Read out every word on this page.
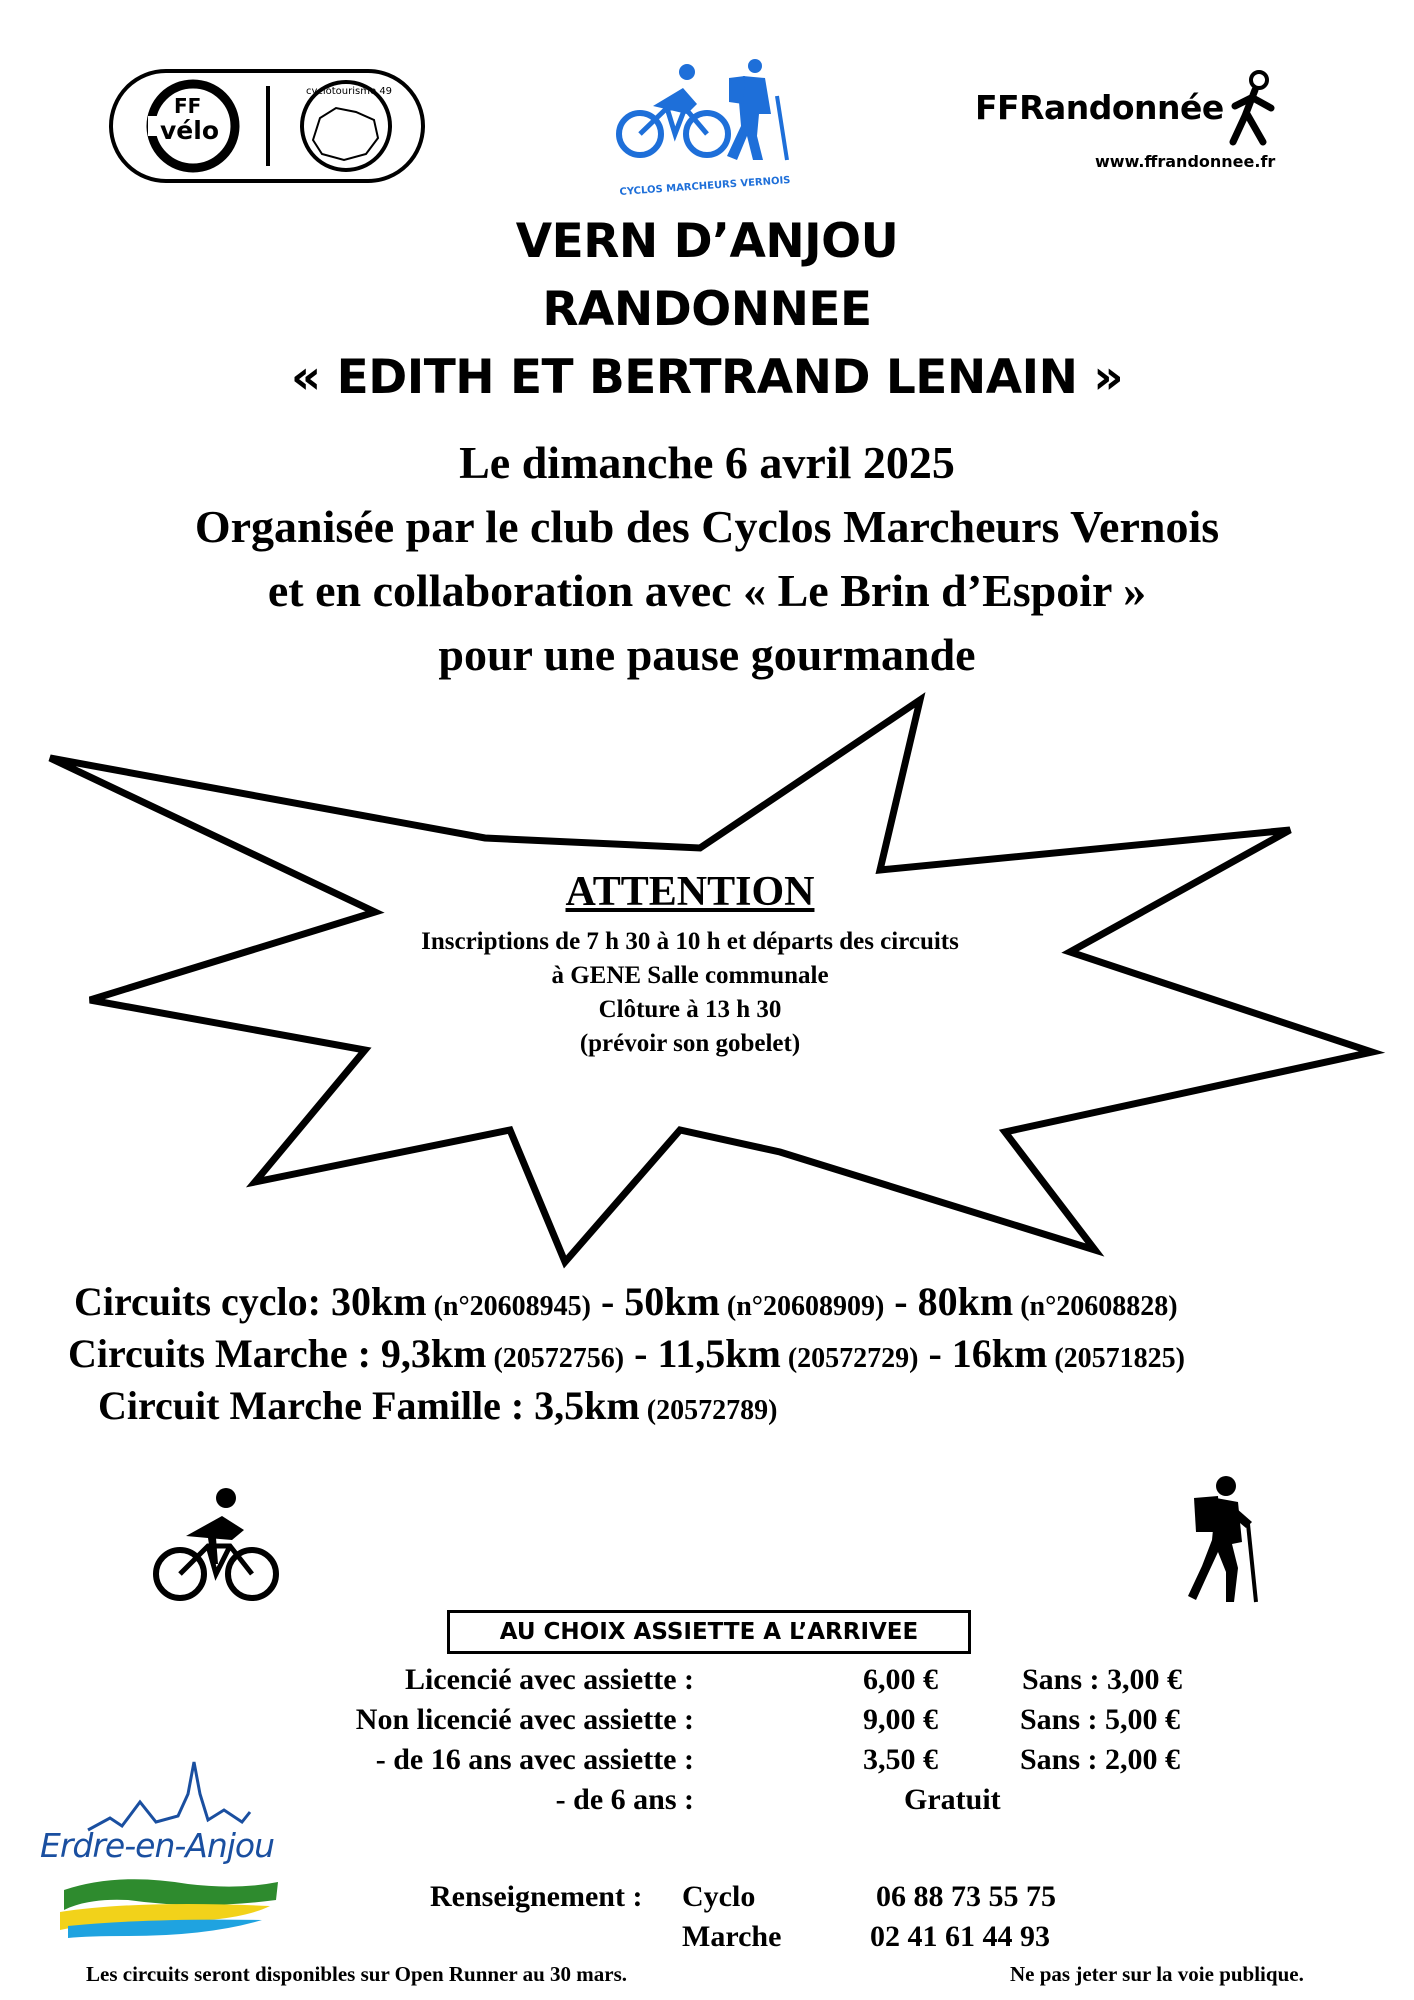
FF
vélo
cyclotourisme 49
CYCLOS MARCHEURS VERNOIS
FFRandonnée
www.ffrandonnee.fr
VERN D’ANJOU
RANDONNEE
« EDITH ET BERTRAND LENAIN »
Le dimanche 6 avril 2025
Organisée par le club des Cyclos Marcheurs Vernois
et en collaboration avec « Le Brin d’Espoir »
pour une pause gourmande
ATTENTION
Inscriptions de 7 h 30 à 10 h et départs des circuits
à GENE Salle communale
Clôture à 13 h 30
(prévoir son gobelet)
Circuits cyclo: 30km (n°20608945) - 50km (n°20608909) - 80km (n°20608828)
Circuits Marche : 9,3km (20572756) - 11,5km (20572729) - 16km (20571825)
Circuit Marche Famille : 3,5km (20572789)
AU CHOIX ASSIETTE A L’ARRIVEE
Licencié avec assiette :	6,00 €	Sans : 3,00 €
Non licencié avec assiette :	9,00 €	Sans : 5,00 €
- de 16 ans avec assiette :	3,50 €	Sans : 2,00 €
- de 6 ans :	Gratuit
Erdre-en-Anjou
Renseignement : Cyclo	06 88 73 55 75
Marche	02 41 61 44 93
Les circuits seront disponibles sur Open Runner au 30 mars.	Ne pas jeter sur la voie publique.
